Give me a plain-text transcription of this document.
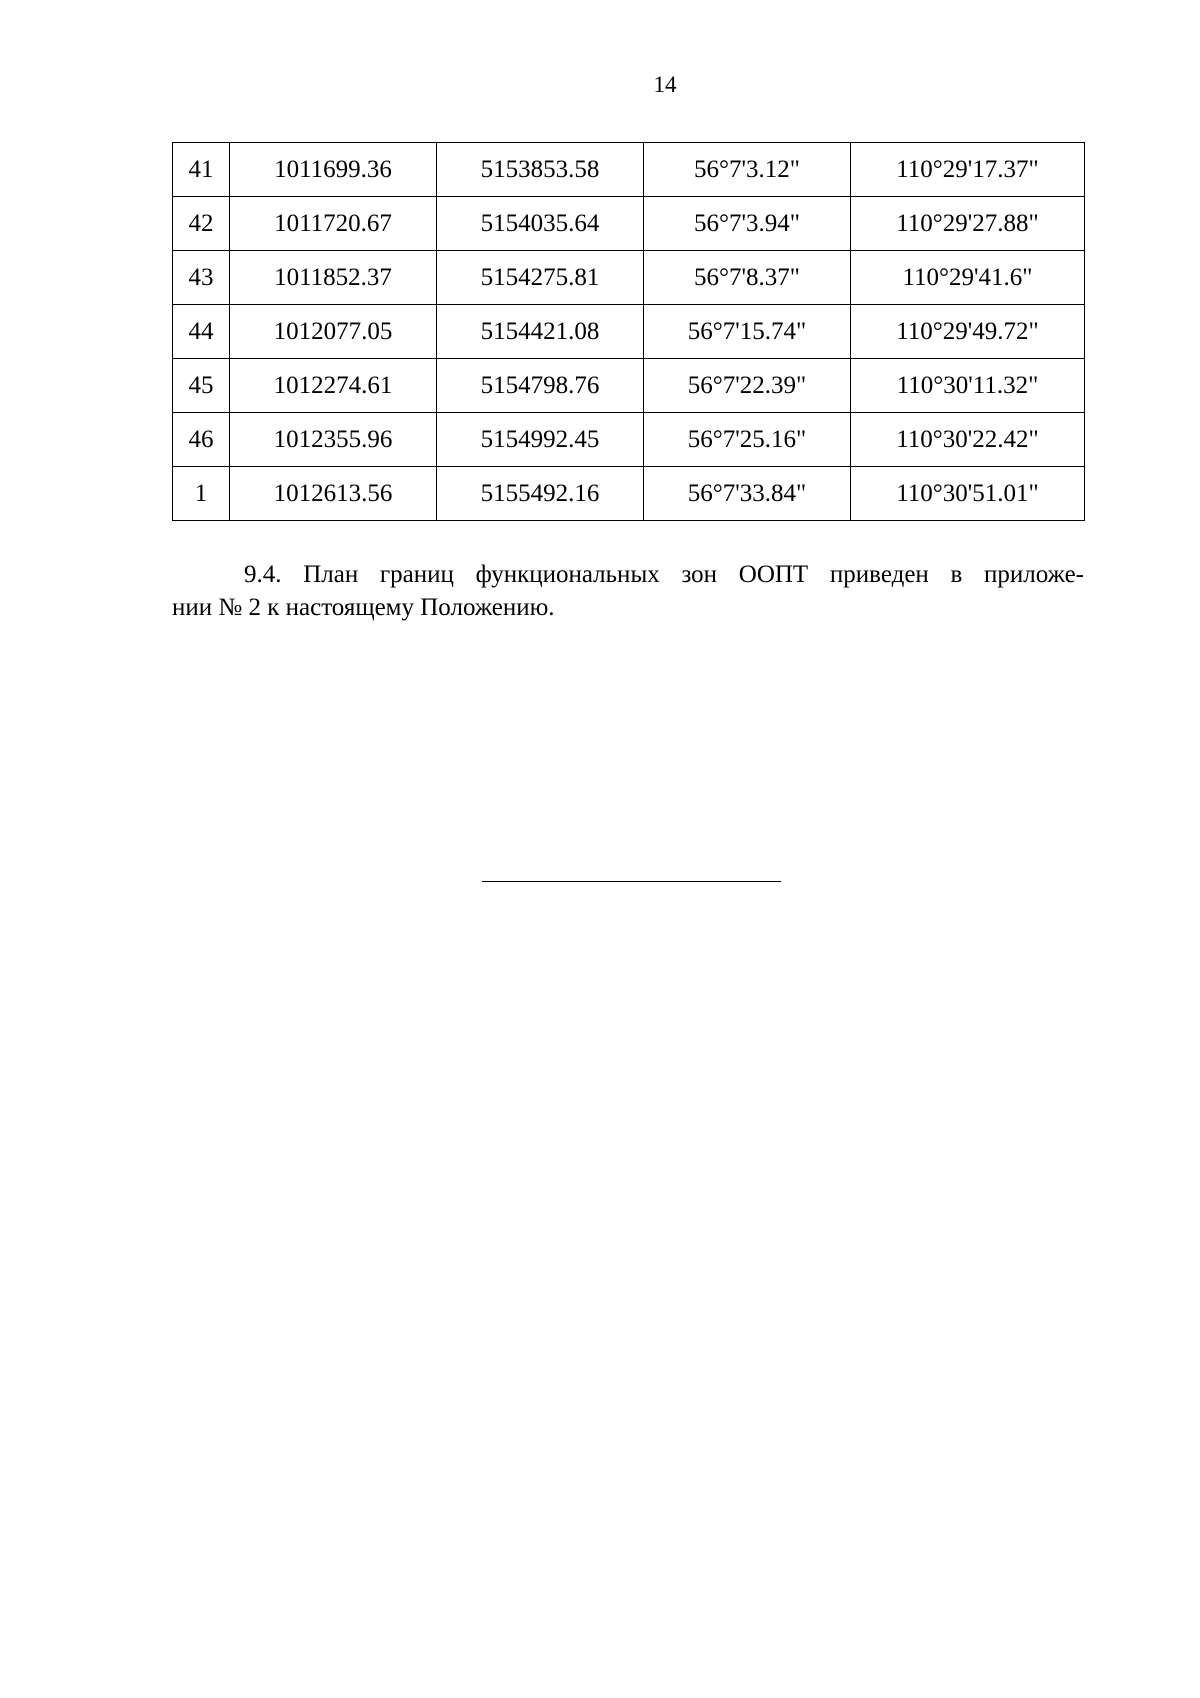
14
41	1011699.36	5153853.58	56°7'3.12"	110°29'17.37"
42	1011720.67	5154035.64	56°7'3.94"	110°29'27.88"
43	1011852.37	5154275.81	56°7'8.37"	110°29'41.6"
44	1012077.05	5154421.08	56°7'15.74"	110°29'49.72"
45	1012274.61	5154798.76	56°7'22.39"	110°30'11.32"
46	1012355.96	5154992.45	56°7'25.16"	110°30'22.42"
1	1012613.56	5155492.16	56°7'33.84"	110°30'51.01"
9.4. План границ функциональных зон ООПТ приведен в приложе-
нии № 2 к настоящему Положению.
